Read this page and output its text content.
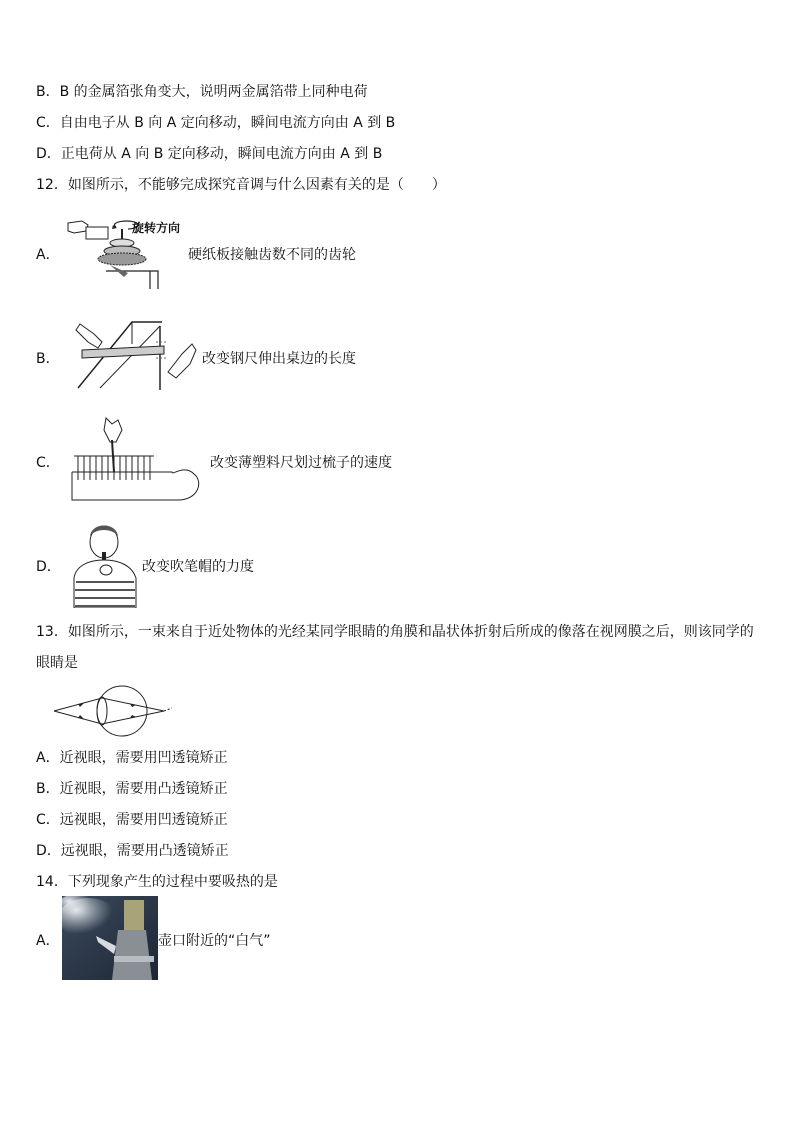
B．B 的金属箔张角变大，说明两金属箔带上同种电荷
C．自由电子从 B 向 A 定向移动，瞬间电流方向由 A 到 B
D．正电荷从 A 向 B 定向移动，瞬间电流方向由 A 到 B
12．如图所示，不能够完成探究音调与什么因素有关的是（　　）
A．
旋转方向
硬纸板接触齿数不同的齿轮
B．	改变钢尺伸出桌边的长度
C．	改变薄塑料尺划过梳子的速度
D．	改变吹笔帽的力度
13．如图所示，一束来自于近处物体的光经某同学眼睛的角膜和晶状体折射后所成的像落在视网膜之后，则该同学的
眼睛是
A．近视眼，需要用凹透镜矫正
B．近视眼，需要用凸透镜矫正
C．远视眼，需要用凹透镜矫正
D．远视眼，需要用凸透镜矫正
14．下列现象产生的过程中要吸热的是
A．	壶口附近的“白气”
